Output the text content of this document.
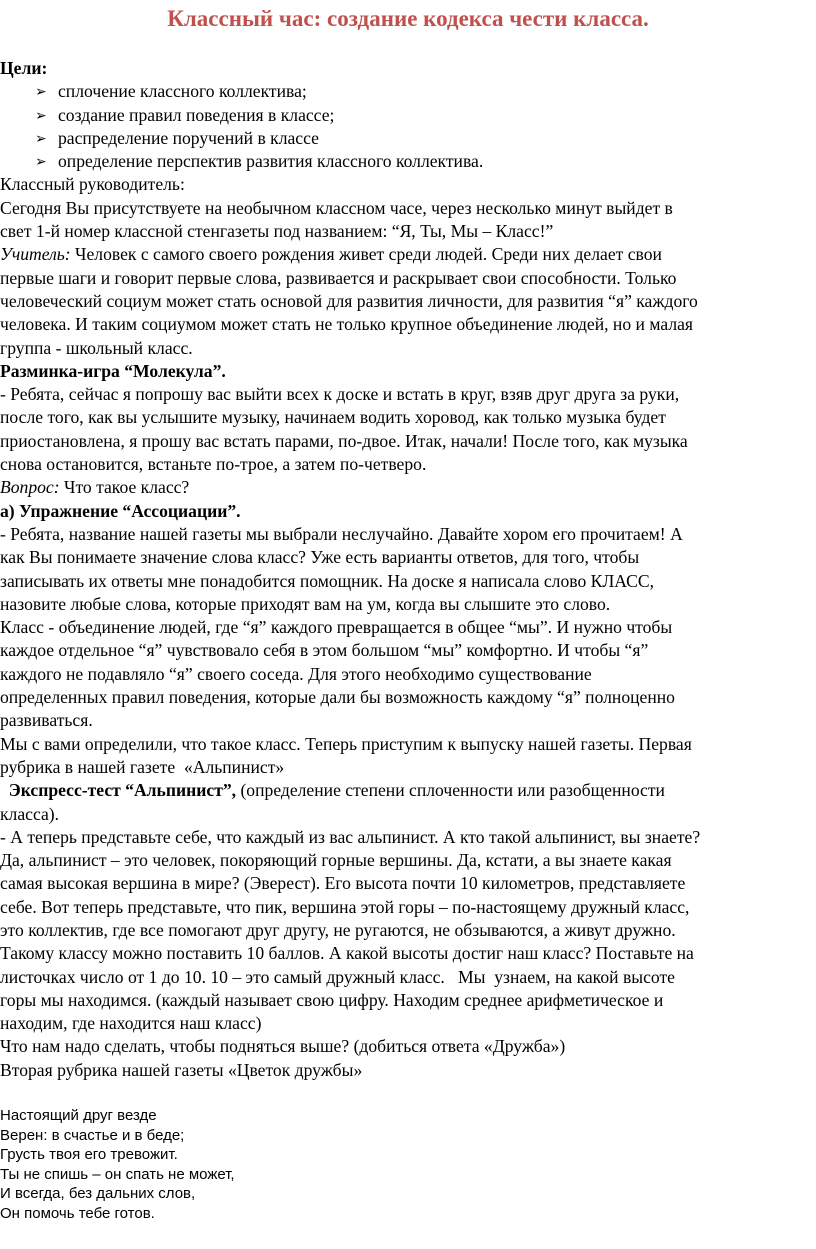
Классный час: создание кодекса чести класса.
Цели:
➢ сплочение классного коллектива;
➢ создание правил поведения в классе;
➢ распределение поручений в классе
➢ определение перспектив развития классного коллектива.
Классный руководитель:
Сегодня Вы присутствуете на необычном классном часе, через несколько минут выйдет в
свет 1-й номер классной стенгазеты под названием: “Я, Ты, Мы – Класс!”
Учитель: Человек с самого своего рождения живет среди людей. Среди них делает свои
первые шаги и говорит первые слова, развивается и раскрывает свои способности. Только
человеческий социум может стать основой для развития личности, для развития “я” каждого
человека. И таким социумом может стать не только крупное объединение людей, но и малая
группа - школьный класс.
Разминка-игра “Молекула”.
- Ребята, сейчас я попрошу вас выйти всех к доске и встать в круг, взяв друг друга за руки,
после того, как вы услышите музыку, начинаем водить хоровод, как только музыка будет
приостановлена, я прошу вас встать парами, по-двое. Итак, начали! После того, как музыка
снова остановится, встаньте по-трое, а затем по-четверо.
Вопрос: Что такое класс?
а) Упражнение “Ассоциации”.
- Ребята, название нашей газеты мы выбрали неслучайно. Давайте хором его прочитаем! А
как Вы понимаете значение слова класс? Уже есть варианты ответов, для того, чтобы
записывать их ответы мне понадобится помощник. На доске я написала слово КЛАСС,
назовите любые слова, которые приходят вам на ум, когда вы слышите это слово.
Класс - объединение людей, где “я” каждого превращается в общее “мы”. И нужно чтобы
каждое отдельное “я” чувствовало себя в этом большом “мы” комфортно. И чтобы “я”
каждого не подавляло “я” своего соседа. Для этого необходимо существование
определенных правил поведения, которые дали бы возможность каждому “я” полноценно
развиваться.
Мы с вами определили, что такое класс. Теперь приступим к выпуску нашей газеты. Первая
рубрика в нашей газете  «Альпинист»
Экспресс-тест “Альпинист”, (определение степени сплоченности или разобщенности
класса).
- А теперь представьте себе, что каждый из вас альпинист. А кто такой альпинист, вы знаете?
Да, альпинист – это человек, покоряющий горные вершины. Да, кстати, а вы знаете какая
самая высокая вершина в мире? (Эверест). Его высота почти 10 километров, представляете
себе. Вот теперь представьте, что пик, вершина этой горы – по-настоящему дружный класс,
это коллектив, где все помогают друг другу, не ругаются, не обзываются, а живут дружно.
Такому классу можно поставить 10 баллов. А какой высоты достиг наш класс? Поставьте на
листочках число от 1 до 10. 10 – это самый дружный класс.   Мы  узнаем, на какой высоте
горы мы находимся. (каждый называет свою цифру. Находим среднее арифметическое и
находим, где находится наш класс)
Что нам надо сделать, чтобы подняться выше? (добиться ответа «Дружба»)
Вторая рубрика нашей газеты «Цветок дружбы»
Настоящий друг везде
Верен: в счастье и в беде;
Грусть твоя его тревожит.
Ты не спишь – он спать не может,
И всегда, без дальних слов,
Он помочь тебе готов.
